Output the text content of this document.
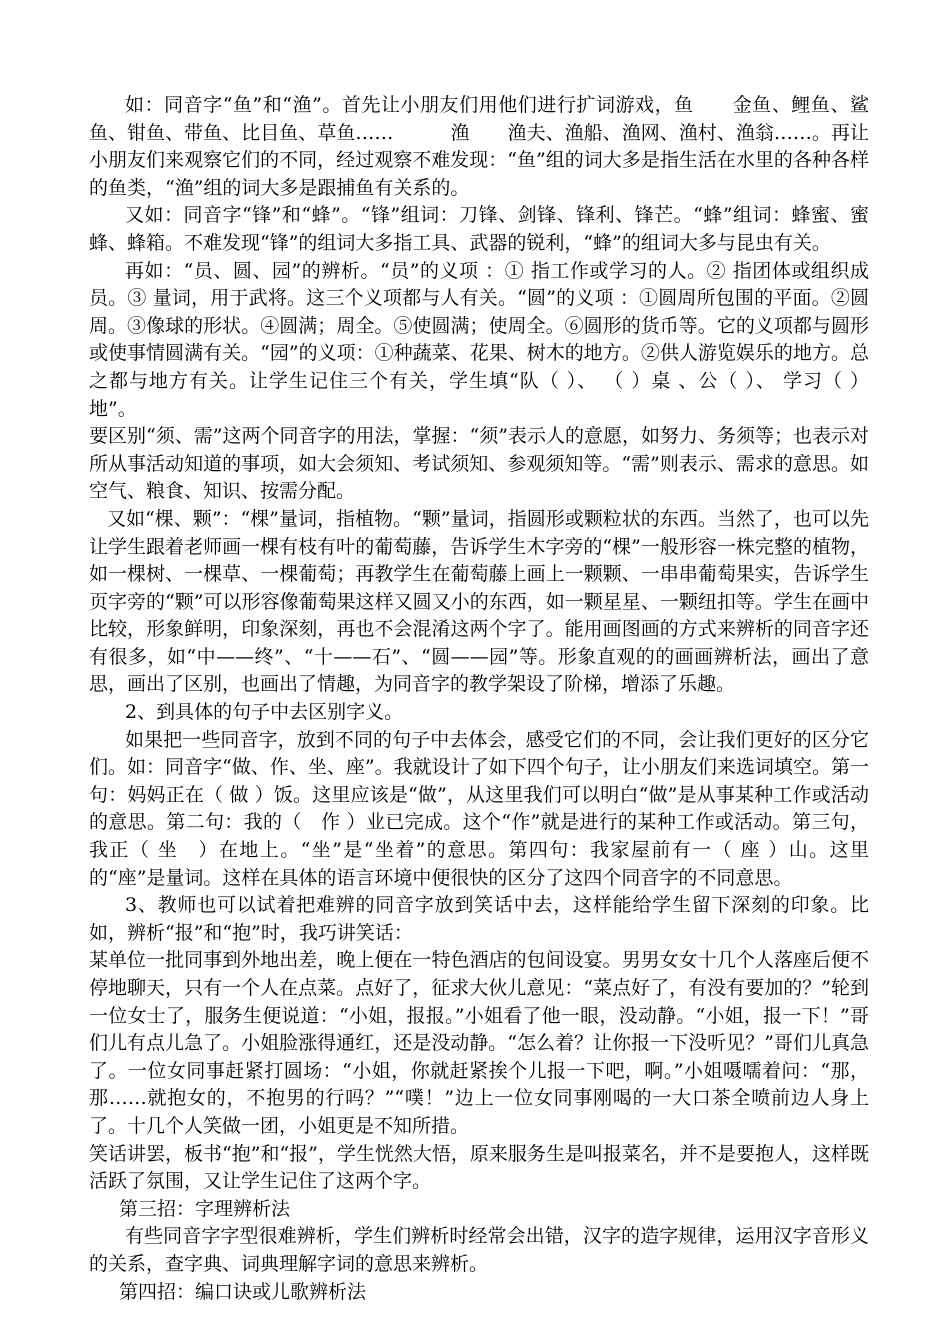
如：同音字“鱼”和“渔”。首先让小朋友们用他们进行扩词游戏，鱼　　金鱼、鲤鱼、鲨鱼、钳鱼、带鱼、比目鱼、草鱼……　　　渔　　渔夫、渔船、渔网、渔村、渔翁……。再让小朋友们来观察它们的不同，经过观察不难发现：“鱼”组的词大多是指生活在水里的各种各样的鱼类，“渔”组的词大多是跟捕鱼有关系的。

又如：同音字“锋”和“蜂”。“锋”组词：刀锋、剑锋、锋利、锋芒。“蜂”组词：蜂蜜、蜜蜂、蜂箱。不难发现“锋”的组词大多指工具、武器的锐利，“蜂”的组词大多与昆虫有关。

再如：“员、圆、园”的辨析。“员”的义项 ：① 指工作或学习的人。② 指团体或组织成员。③ 量词，用于武将。这三个义项都与人有关。“圆”的义项 ：①圆周所包围的平面。②圆周。③像球的形状。④圆满；周全。⑤使圆满；使周全。⑥圆形的货币等。它的义项都与圆形或使事情圆满有关。“园”的义项：①种蔬菜、花果、树木的地方。②供人游览娱乐的地方。总之都与地方有关。让学生记住三个有关，学生填“队（ ）、 （ ）桌 、公（ ）、 学习（ ）地”。

要区别“须、需”这两个同音字的用法，掌握：“须”表示人的意愿，如努力、务须等；也表示对所从事活动知道的事项，如大会须知、考试须知、参观须知等。“需”则表示、需求的意思。如空气、粮食、知识、按需分配。

又如“棵、颗”：“棵”量词，指植物。“颗”量词，指圆形或颗粒状的东西。当然了，也可以先让学生跟着老师画一棵有枝有叶的葡萄藤，告诉学生木字旁的“棵”一般形容一株完整的植物，如一棵树、一棵草、一棵葡萄；再教学生在葡萄藤上画上一颗颗、一串串葡萄果实，告诉学生页字旁的“颗”可以形容像葡萄果这样又圆又小的东西，如一颗星星、一颗纽扣等。学生在画中比较，形象鲜明，印象深刻，再也不会混淆这两个字了。能用画图画的方式来辨析的同音字还有很多，如“中——终”、“十——石”、“圆——园”等。形象直观的的画画辨析法，画出了意思，画出了区别，也画出了情趣，为同音字的教学架设了阶梯，增添了乐趣。

2、到具体的句子中去区别字义。

如果把一些同音字，放到不同的句子中去体会，感受它们的不同，会让我们更好的区分它们。如：同音字“做、作、坐、座”。我就设计了如下四个句子，让小朋友们来选词填空。第一句：妈妈正在（ 做 ）饭。这里应该是“做”，从这里我们可以明白“做”是从事某种工作或活动的意思。第二句：我的（　作 ）业已完成。这个“作”就是进行的某种工作或活动。第三句，我正（ 坐　）在地上。“坐”是“坐着”的意思。第四句：我家屋前有一（ 座 ）山。这里的“座”是量词。这样在具体的语言环境中便很快的区分了这四个同音字的不同意思。

3、教师也可以试着把难辨的同音字放到笑话中去，这样能给学生留下深刻的印象。比如，辨析“报”和“抱”时，我巧讲笑话：

某单位一批同事到外地出差，晚上便在一特色酒店的包间设宴。男男女女十几个人落座后便不停地聊天，只有一个人在点菜。点好了，征求大伙儿意见：“菜点好了，有没有要加的？”轮到一位女士了，服务生便说道：“小姐，报报。”小姐看了他一眼，没动静。“小姐，报一下！”哥们儿有点儿急了。小姐脸涨得通红，还是没动静。“怎么着？让你报一下没听见？”哥们儿真急了。一位女同事赶紧打圆场：“小姐，你就赶紧挨个儿报一下吧，啊。”小姐嗫嚅着问：“那，那……就抱女的，不抱男的行吗？”“噗！”边上一位女同事刚喝的一大口茶全喷前边人身上了。十几个人笑做一团，小姐更是不知所措。

笑话讲罢，板书“抱”和“报”，学生恍然大悟，原来服务生是叫报菜名，并不是要抱人，这样既活跃了氛围，又让学生记住了这两个字。

第三招：字理辨析法

有些同音字字型很难辨析，学生们辨析时经常会出错，汉字的造字规律，运用汉字音形义的关系，查字典、词典理解字词的意思来辨析。

第四招：编口诀或儿歌辨析法
